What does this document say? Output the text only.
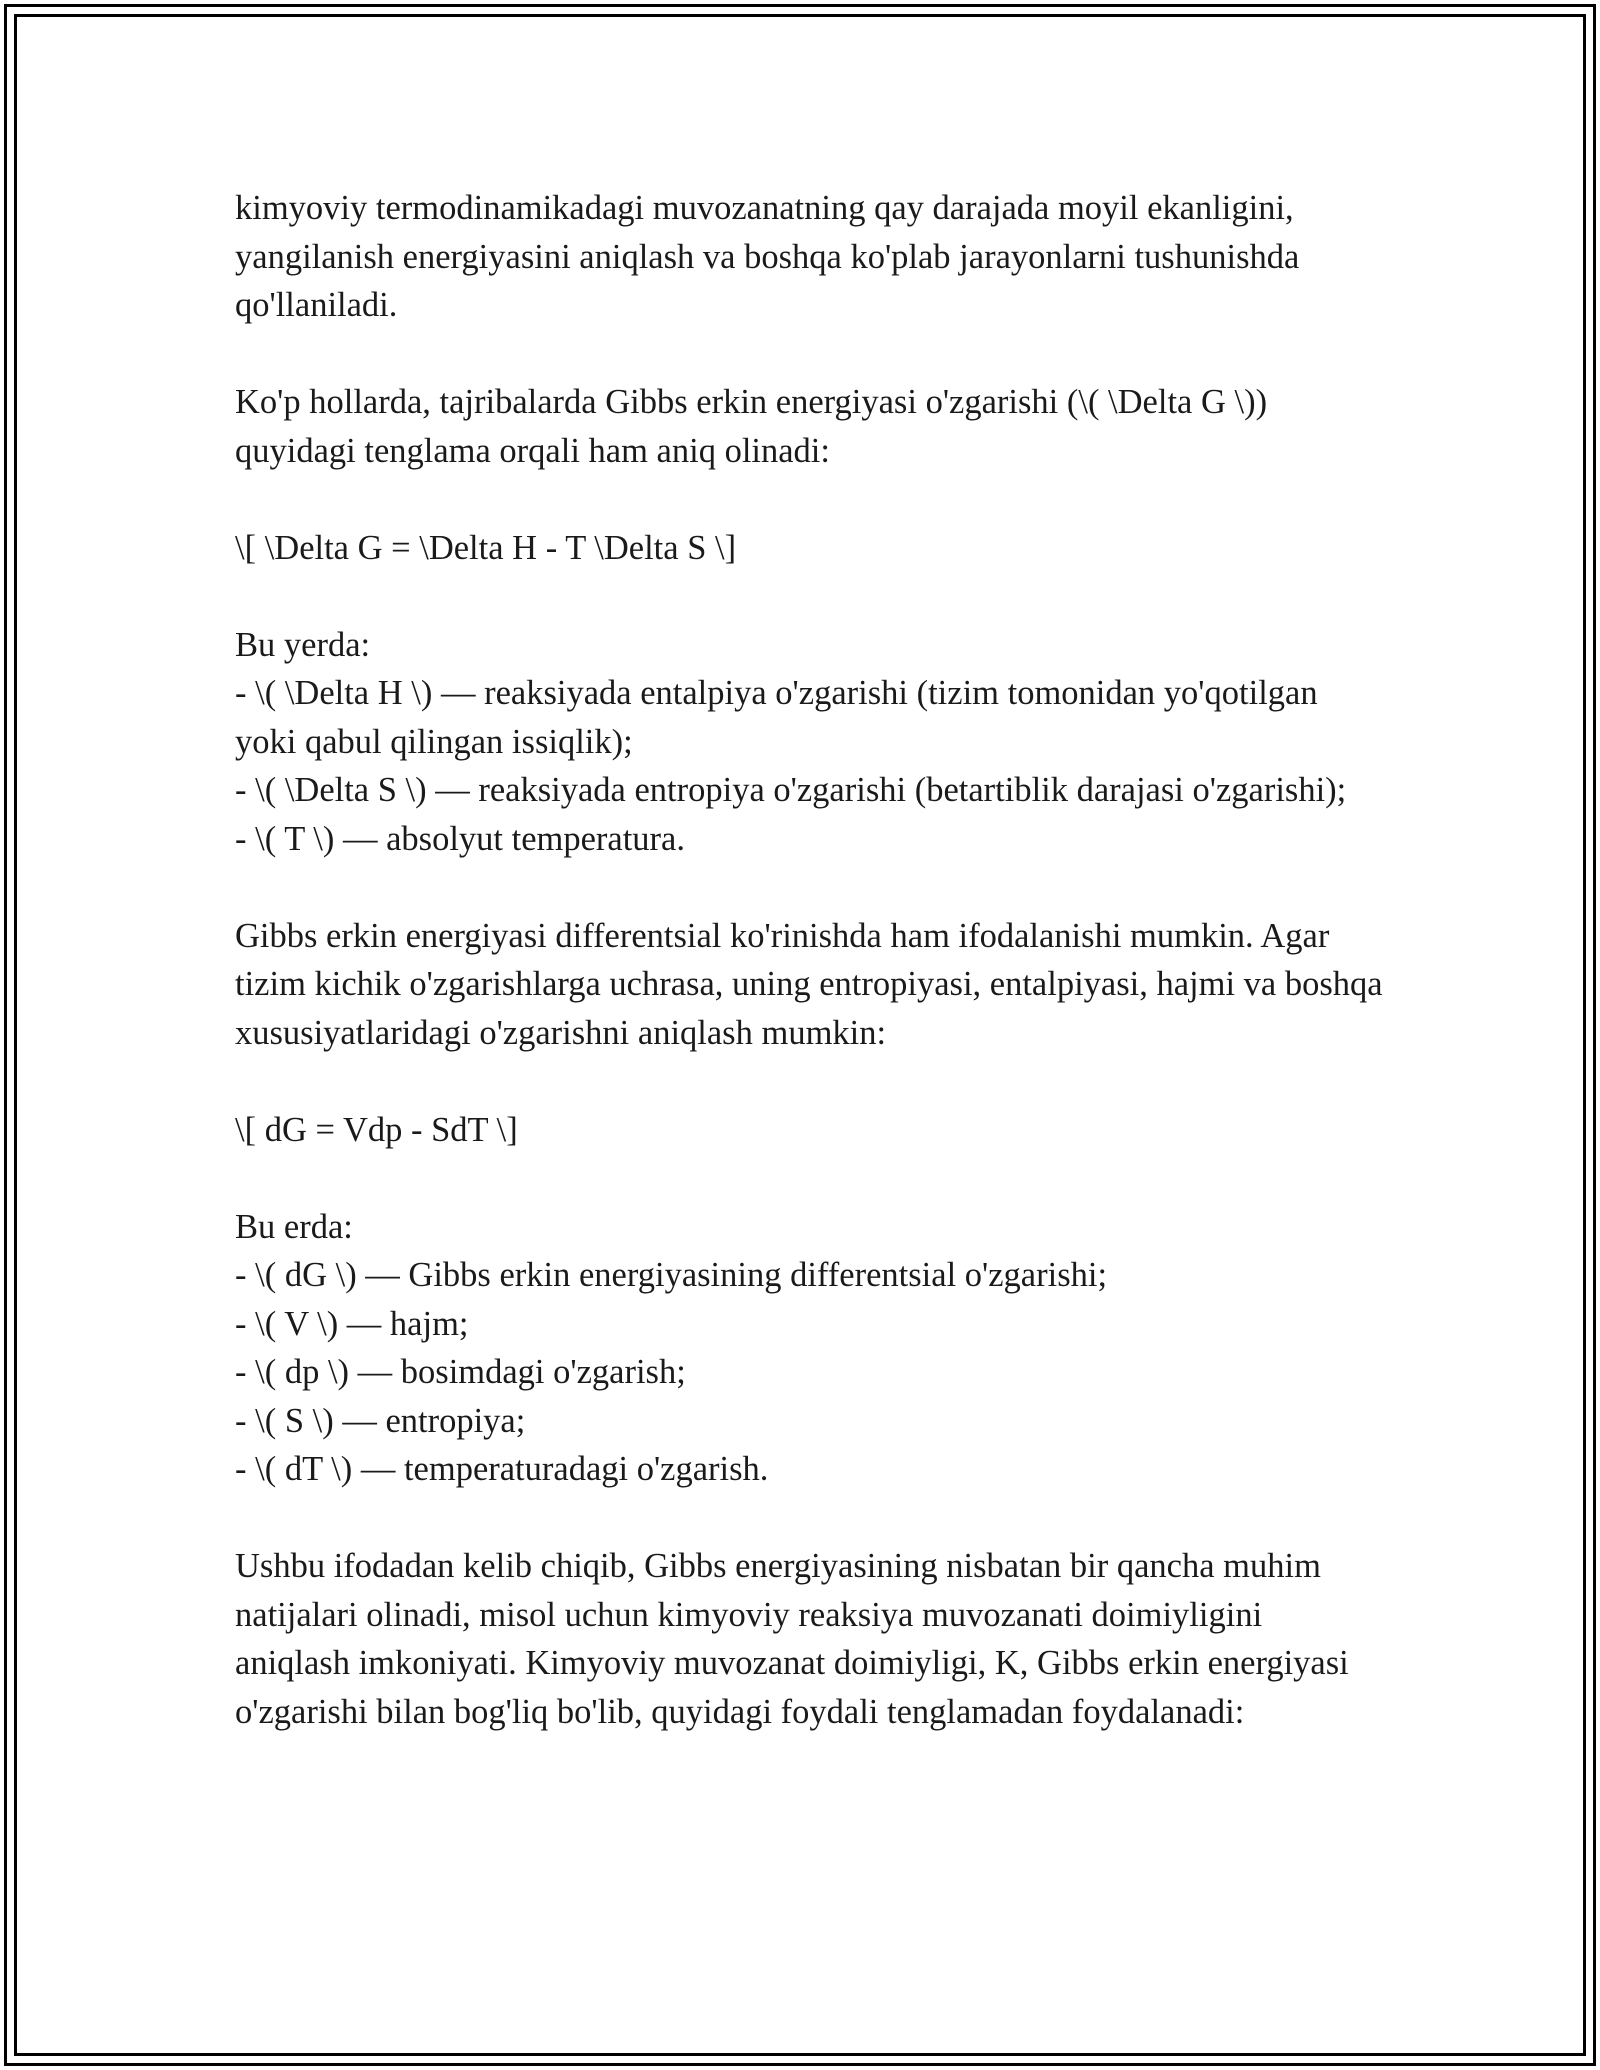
kimyoviy termodinamikadagi muvozanatning qay darajada moyil ekanligini, yangilanish energiyasini aniqlash va boshqa ko'plab jarayonlarni tushunishda qo'llaniladi.

Ko'p hollarda, tajribalarda Gibbs erkin energiyasi o'zgarishi (\( \Delta G \)) quyidagi tenglama orqali ham aniq olinadi:

\[ \Delta G = \Delta H - T \Delta S \]

Bu yerda:
- \( \Delta H \) — reaksiyada entalpiya o'zgarishi (tizim tomonidan yo'qotilgan yoki qabul qilingan issiqlik);
- \( \Delta S \) — reaksiyada entropiya o'zgarishi (betartiblik darajasi o'zgarishi);
- \( T \) — absolyut temperatura.

Gibbs erkin energiyasi differentsial ko'rinishda ham ifodalanishi mumkin. Agar tizim kichik o'zgarishlarga uchrasa, uning entropiyasi, entalpiyasi, hajmi va boshqa xususiyatlaridagi o'zgarishni aniqlash mumkin:

\[ dG = Vdp - SdT \]

Bu erda:
- \( dG \) — Gibbs erkin energiyasining differentsial o'zgarishi;
- \( V \) — hajm;
- \( dp \) — bosimdagi o'zgarish;
- \( S \) — entropiya;
- \( dT \) — temperaturadagi o'zgarish.

Ushbu ifodadan kelib chiqib, Gibbs energiyasining nisbatan bir qancha muhim natijalari olinadi, misol uchun kimyoviy reaksiya muvozanati doimiyligini aniqlash imkoniyati. Kimyoviy muvozanat doimiyligi, K, Gibbs erkin energiyasi o'zgarishi bilan bog'liq bo'lib, quyidagi foydali tenglamadan foydalanadi:
